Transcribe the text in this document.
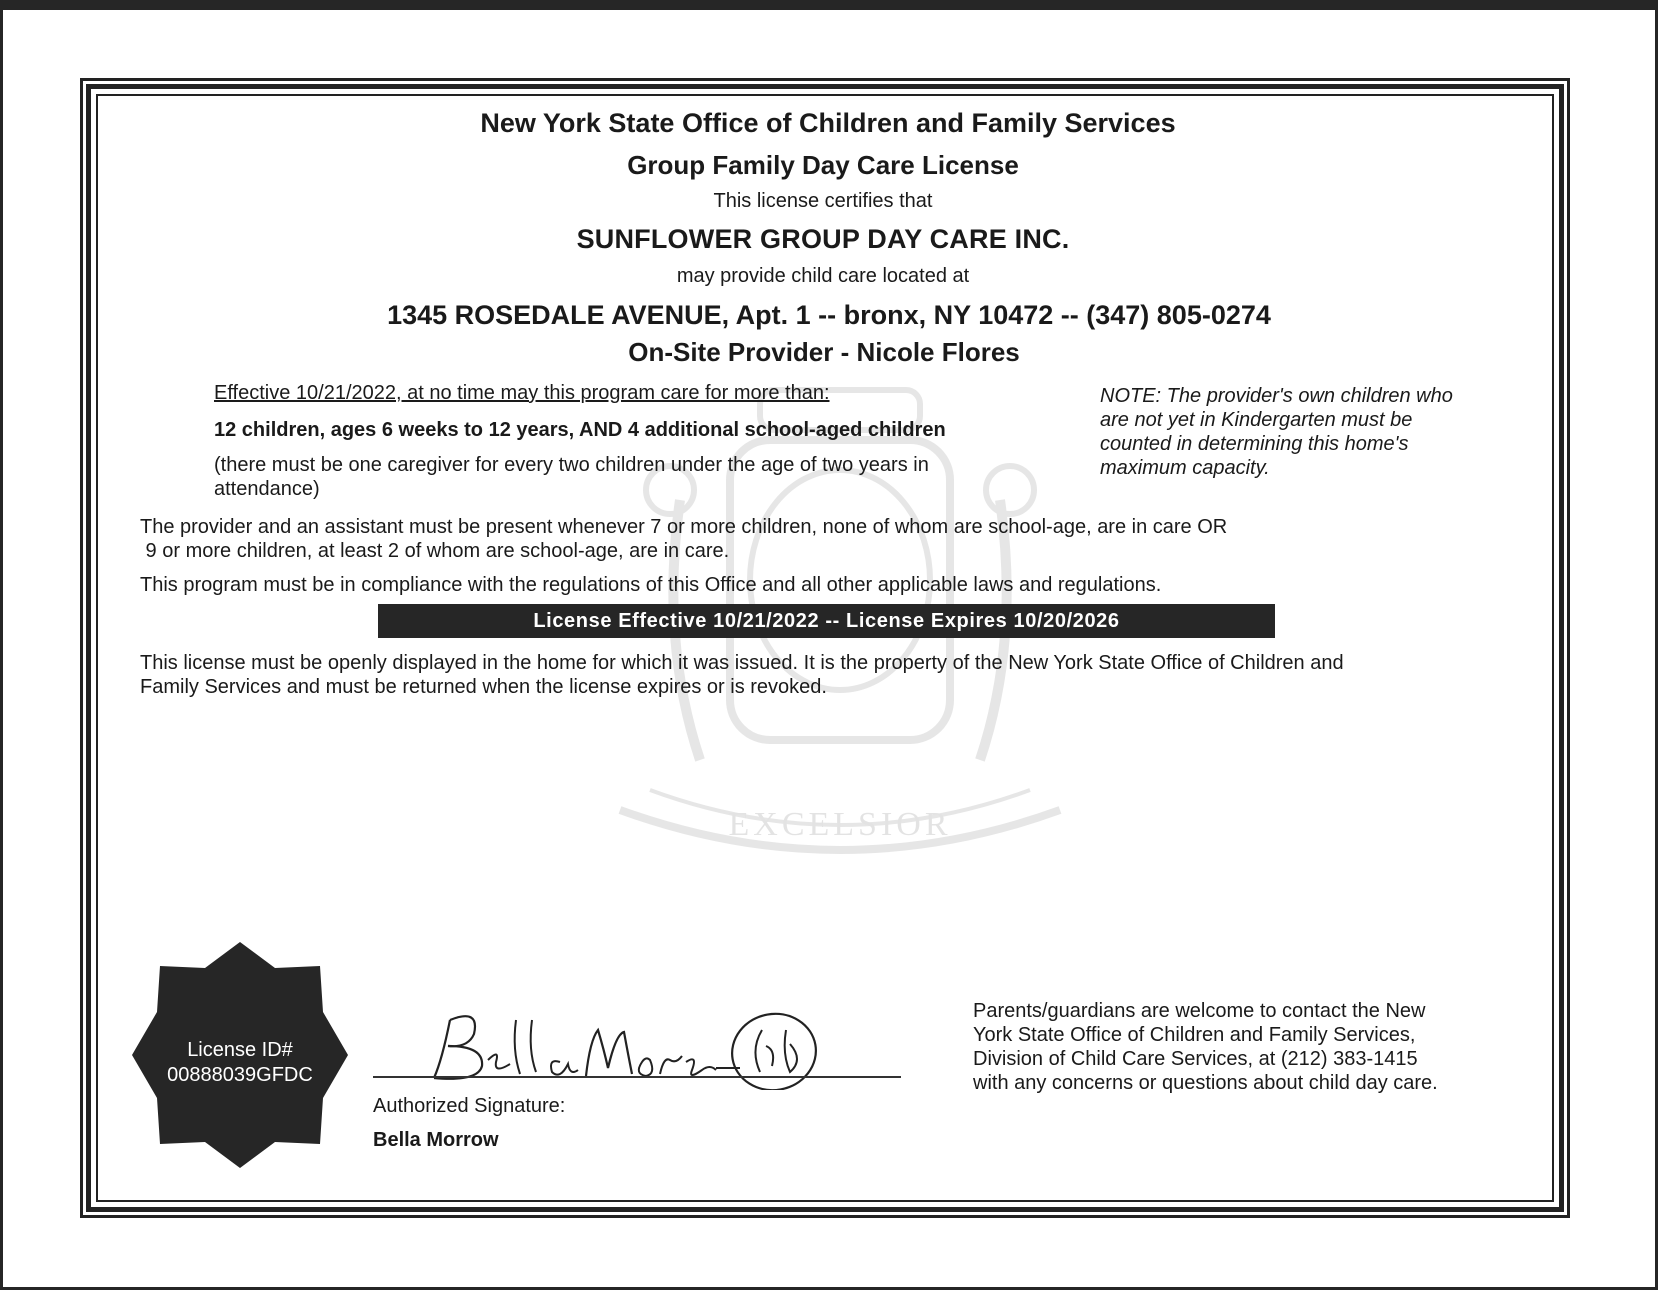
EXCELSIOR
New York State Office of Children and Family Services
Group Family Day Care License
This license certifies that
SUNFLOWER GROUP DAY CARE INC.
may provide child care located at
1345 ROSEDALE AVENUE, Apt. 1 -- bronx, NY 10472 -- (347) 805-0274
On-Site Provider - Nicole Flores
Effective 10/21/2022, at no time may this program care for more than:
12 children, ages 6 weeks to 12 years, AND 4 additional school-aged children
(there must be one caregiver for every two children under the age of two years in
attendance)
NOTE: The provider's own children who
are not yet in Kindergarten must be
counted in determining this home's
maximum capacity.
The provider and an assistant must be present whenever 7 or more children, none of whom are school-age, are in care OR
9 or more children, at least 2 of whom are school-age, are in care.
This program must be in compliance with the regulations of this Office and all other applicable laws and regulations.
License Effective 10/21/2022 -- License Expires 10/20/2026
This license must be openly displayed in the home for which it was issued. It is the property of the New York State Office of Children and
Family Services and must be returned when the license expires or is revoked.
License ID#
00888039GFDC
Authorized Signature:
Bella Morrow
Parents/guardians are welcome to contact the New
York State Office of Children and Family Services,
Division of Child Care Services, at (212) 383-1415
with any concerns or questions about child day care.
